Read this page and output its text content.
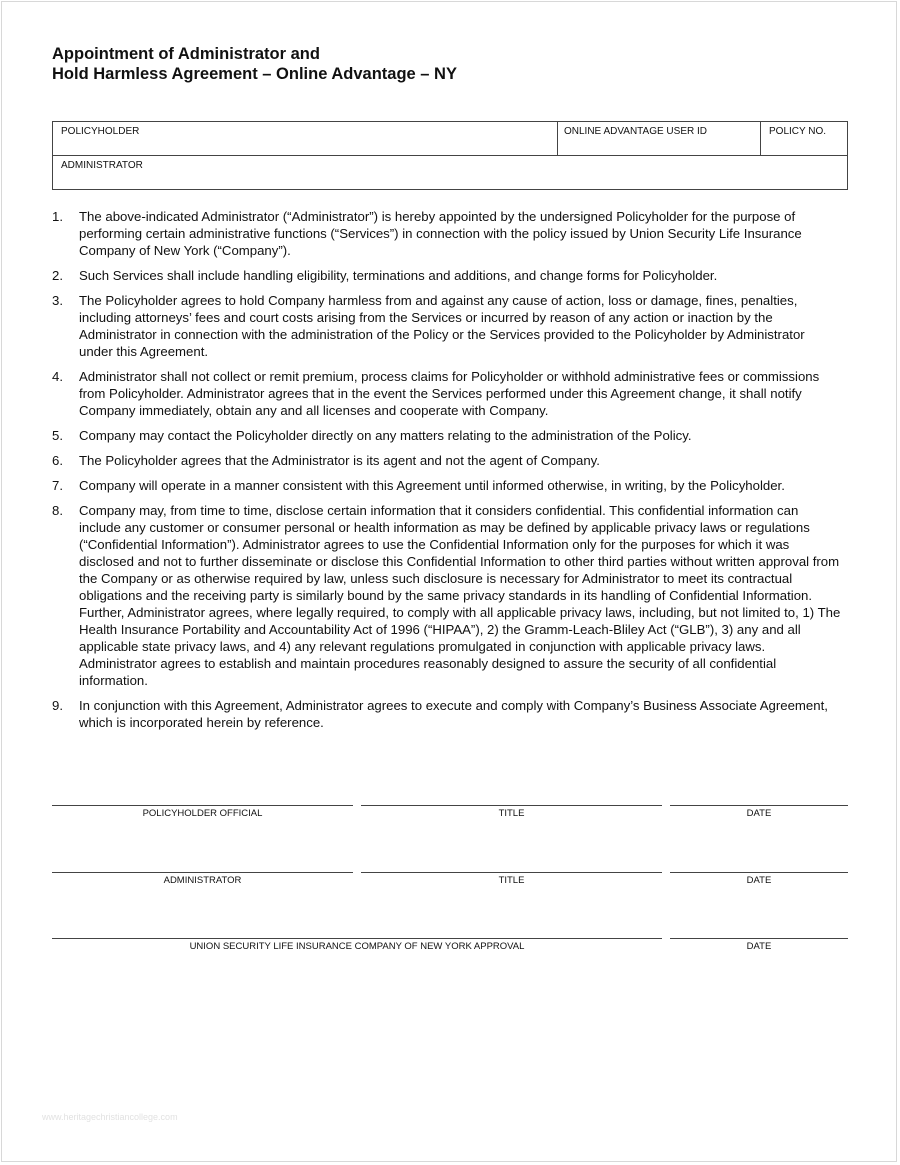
Appointment of Administrator and
Hold Harmless Agreement – Online Advantage – NY
POLICYHOLDER	ONLINE ADVANTAGE USER ID	POLICY NO.
ADMINISTRATOR
1. The above-indicated Administrator (“Administrator”) is hereby appointed by the undersigned Policyholder for the purpose of performing certain administrative functions (“Services”) in connection with the policy issued by Union Security Life Insurance Company of New York (“Company”).
2. Such Services shall include handling eligibility, terminations and additions, and change forms for Policyholder.
3. The Policyholder agrees to hold Company harmless from and against any cause of action, loss or damage, fines, penalties, including attorneys’ fees and court costs arising from the Services or incurred by reason of any action or inaction by the Administrator in connection with the administration of the Policy or the Services provided to the Policyholder by Administrator under this Agreement.
4. Administrator shall not collect or remit premium, process claims for Policyholder or withhold administrative fees or commissions from Policyholder. Administrator agrees that in the event the Services performed under this Agreement change, it shall notify Company immediately, obtain any and all licenses and cooperate with Company.
5. Company may contact the Policyholder directly on any matters relating to the administration of the Policy.
6. The Policyholder agrees that the Administrator is its agent and not the agent of Company.
7. Company will operate in a manner consistent with this Agreement until informed otherwise, in writing, by the Policyholder.
8. Company may, from time to time, disclose certain information that it considers confidential. This confidential information can include any customer or consumer personal or health information as may be defined by applicable privacy laws or regulations (“Confidential Information”). Administrator agrees to use the Confidential Information only for the purposes for which it was disclosed and not to further disseminate or disclose this Confidential Information to other third parties without written approval from the Company or as otherwise required by law, unless such disclosure is necessary for Administrator to meet its contractual obligations and the receiving party is similarly bound by the same privacy standards in its handling of Confidential Information. Further, Administrator agrees, where legally required, to comply with all applicable privacy laws, including, but not limited to, 1) The Health Insurance Portability and Accountability Act of 1996 (“HIPAA”), 2) the Gramm-Leach-Bliley Act (“GLB”), 3) any and all applicable state privacy laws, and 4) any relevant regulations promulgated in conjunction with applicable privacy laws. Administrator agrees to establish and maintain procedures reasonably designed to assure the security of all confidential information.
9. In conjunction with this Agreement, Administrator agrees to execute and comply with Company’s Business Associate Agreement, which is incorporated herein by reference.
POLICYHOLDER OFFICIAL	TITLE	DATE
ADMINISTRATOR	TITLE	DATE
UNION SECURITY LIFE INSURANCE COMPANY OF NEW YORK APPROVAL	DATE
www.heritagechristiancollege.com
